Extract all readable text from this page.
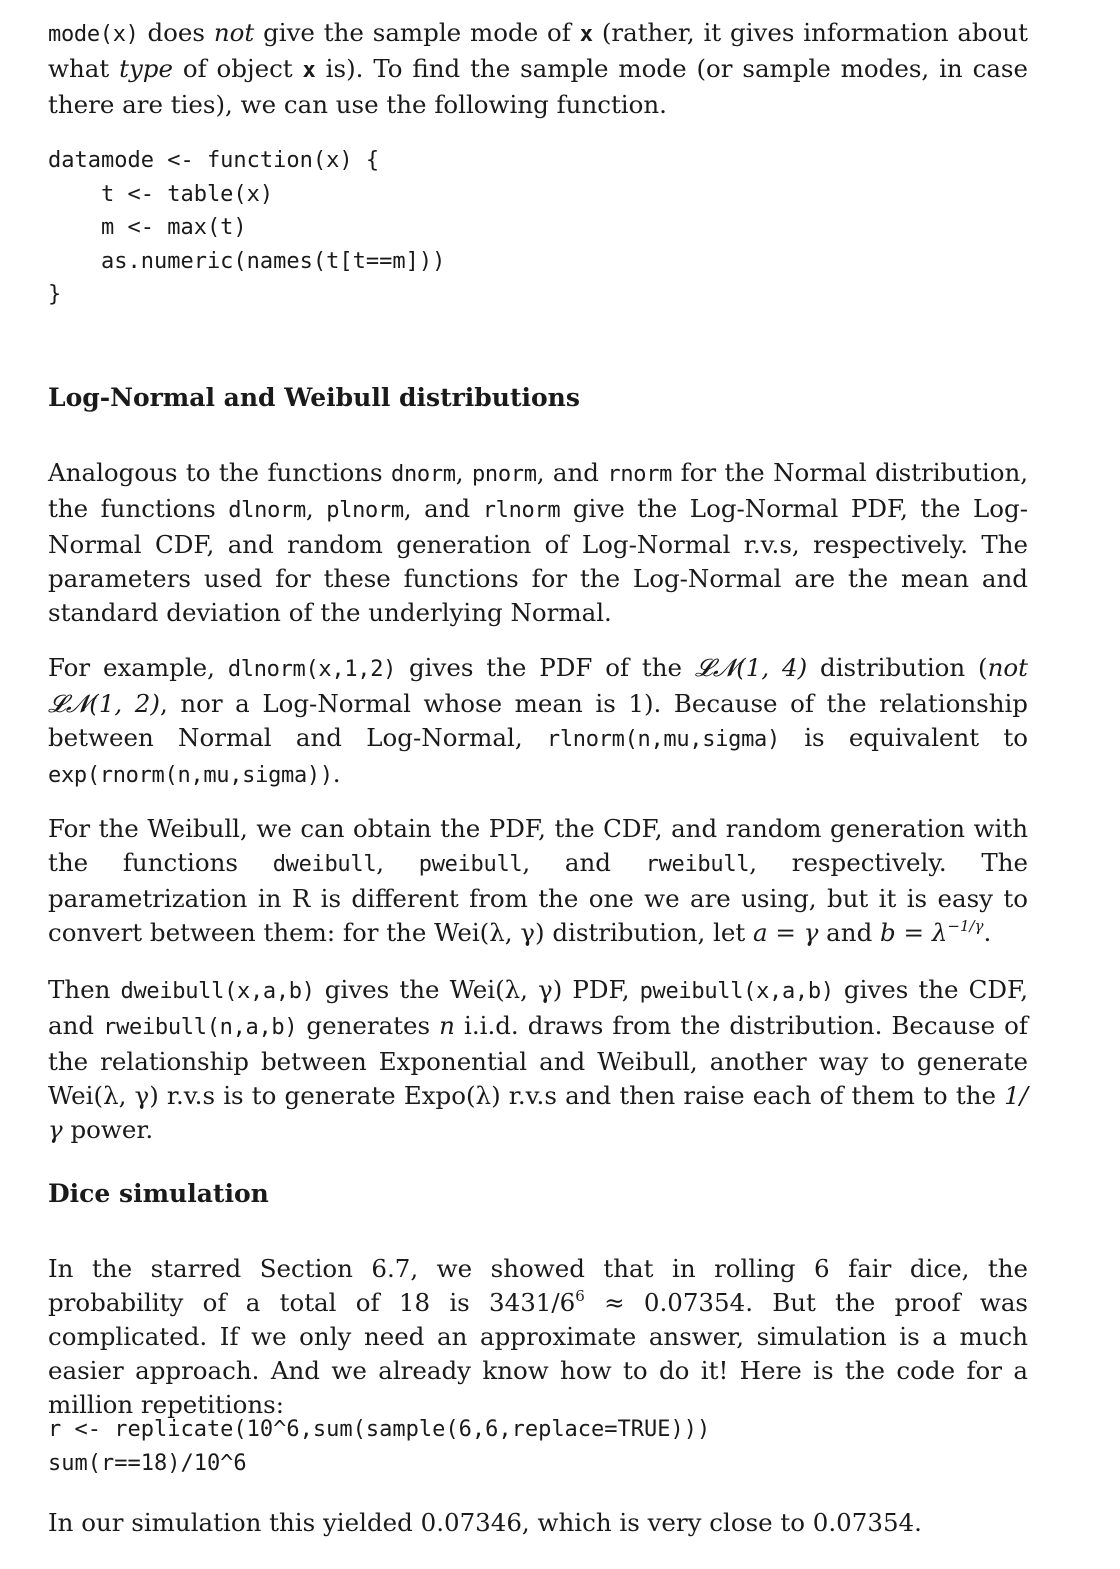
mode(x) does not give the sample mode of x (rather, it gives information about what type of object x is). To find the sample mode (or sample modes, in case there are ties), we can use the following function.

datamode <- function(x) {
t <- table(x)
m <- max(t)
as.numeric(names(t[t==m]))
}
Log-Normal and Weibull distributions

Analogous to the functions dnorm, pnorm, and rnorm for the Normal distribution, the functions dlnorm, plnorm, and rlnorm give the Log-Normal PDF, the Log-Normal CDF, and random generation of Log-Normal r.v.s, respectively. The parameters used for these functions for the Log-Normal are the mean and standard deviation of the underlying Normal.

For example, dlnorm(x,1,2) gives the PDF of the 𝓛𝓝(1, 4) distribution (not 𝓛𝓝(1, 2), nor a Log-Normal whose mean is 1). Because of the relationship between Normal and Log-Normal, rlnorm(n,mu,sigma) is equivalent to exp(rnorm(n,mu,sigma)).

For the Weibull, we can obtain the PDF, the CDF, and random generation with the functions dweibull, pweibull, and rweibull, respectively. The parametrization in R is different from the one we are using, but it is easy to convert between them: for the Wei(λ, γ) distribution, let a = γ and $b = \lambda^{-1/\gamma}$.

Then dweibull(x,a,b) gives the Wei(λ, γ) PDF, pweibull(x,a,b) gives the CDF, and rweibull(n,a,b) generates n i.i.d. draws from the distribution. Because of the relationship between Exponential and Weibull, another way to generate Wei(λ, γ) r.v.s is to generate Expo(λ) r.v.s and then raise each of them to the 1/γ power.

Dice simulation

In the starred Section 6.7, we showed that in rolling 6 fair dice, the probability of a total of 18 is $3431/6^6 \approx 0.07354$. But the proof was complicated. If we only need an approximate answer, simulation is a much easier approach. And we already know how to do it! Here is the code for a million repetitions:

r <- replicate(10^6,sum(sample(6,6,replace=TRUE)))
sum(r==18)/10^6

In our simulation this yielded 0.07346, which is very close to 0.07354.
